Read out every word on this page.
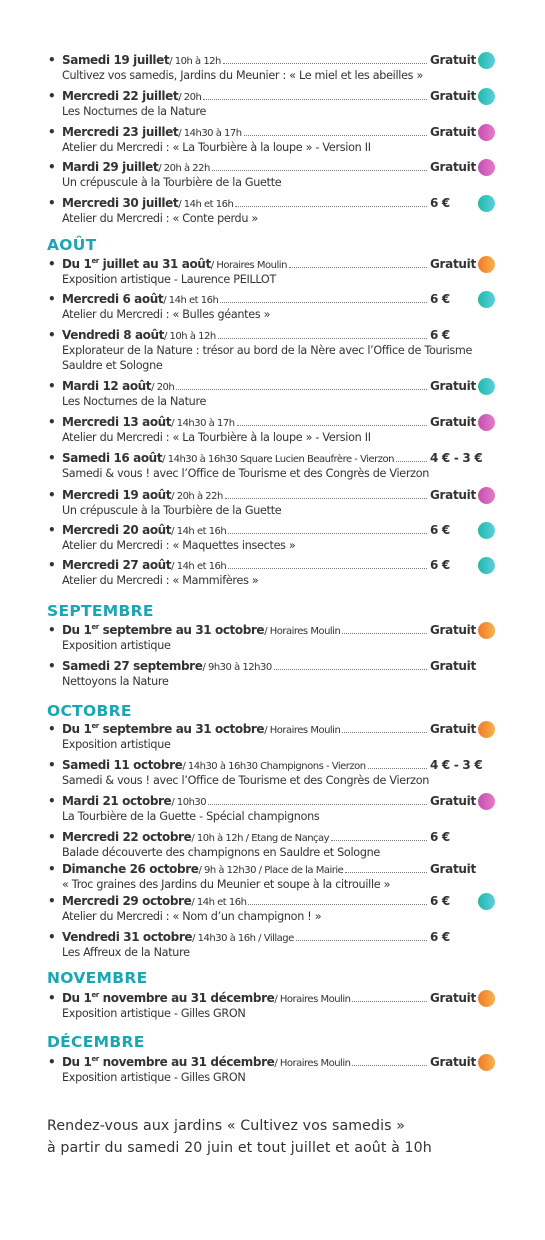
AOÛT
SEPTEMBRE
OCTOBRE
NOVEMBRE
DÉCEMBRE
Rendez-vous aux jardins « Cultivez vos samedis »
à partir du samedi 20 juin et tout juillet et août à 10h
• Samedi 19 juillet / 10h à 12h	Gratuit
Cultivez vos samedis, Jardins du Meunier : « Le miel et les abeilles »
• Mercredi 22 juillet / 20h	Gratuit
Les Nocturnes de la Nature
• Mercredi 23 juillet / 14h30 à 17h	Gratuit
Atelier du Mercredi : « La Tourbière à la loupe » - Version II
• Mardi 29 juillet / 20h à 22h	Gratuit
Un crépuscule à la Tourbière de la Guette
• Mercredi 30 juillet / 14h et 16h	6 €
Atelier du Mercredi : « Conte perdu »
• Du 1er juillet au 31 août / Horaires Moulin	Gratuit
Exposition artistique - Laurence PEILLOT
• Mercredi 6 août / 14h et 16h	6 €
Atelier du Mercredi : « Bulles géantes »
• Vendredi 8 août / 10h à 12h	6 €
Explorateur de la Nature : trésor au bord de la Nère avec l’Office de Tourisme Sauldre et Sologne
• Mardi 12 août / 20h	Gratuit
Les Nocturnes de la Nature
• Mercredi 13 août / 14h30 à 17h	Gratuit
Atelier du Mercredi : « La Tourbière à la loupe » - Version II
• Samedi 16 août / 14h30 à 16h30 Square Lucien Beaufrère - Vierzon	4 € - 3 €
Samedi & vous ! avec l’Office de Tourisme et des Congrès de Vierzon
• Mercredi 19 août / 20h à 22h	Gratuit
Un crépuscule à la Tourbière de la Guette
• Mercredi 20 août / 14h et 16h	6 €
Atelier du Mercredi : « Maquettes insectes »
• Mercredi 27 août / 14h et 16h	6 €
Atelier du Mercredi : « Mammifères »
• Du 1er septembre au 31 octobre / Horaires Moulin	Gratuit
Exposition artistique
• Samedi 27 septembre / 9h30 à 12h30	Gratuit
Nettoyons la Nature
• Du 1er septembre au 31 octobre / Horaires Moulin	Gratuit
Exposition artistique
• Samedi 11 octobre / 14h30 à 16h30 Champignons - Vierzon	4 € - 3 €
Samedi & vous ! avec l’Office de Tourisme et des Congrès de Vierzon
• Mardi 21 octobre / 10h30	Gratuit
La Tourbière de la Guette - Spécial champignons
• Mercredi 22 octobre / 10h à 12h / Etang de Nançay	6 €
Balade découverte des champignons en Sauldre et Sologne
• Dimanche 26 octobre / 9h à 12h30 / Place de la Mairie	Gratuit
« Troc graines des Jardins du Meunier et soupe à la citrouille »
• Mercredi 29 octobre / 14h et 16h	6 €
Atelier du Mercredi : « Nom d’un champignon ! »
• Vendredi 31 octobre / 14h30 à 16h / Village	6 €
Les Affreux de la Nature
• Du 1er novembre au 31 décembre / Horaires Moulin	Gratuit
Exposition artistique - Gilles GRON
• Du 1er novembre au 31 décembre / Horaires Moulin	Gratuit
Exposition artistique - Gilles GRON
